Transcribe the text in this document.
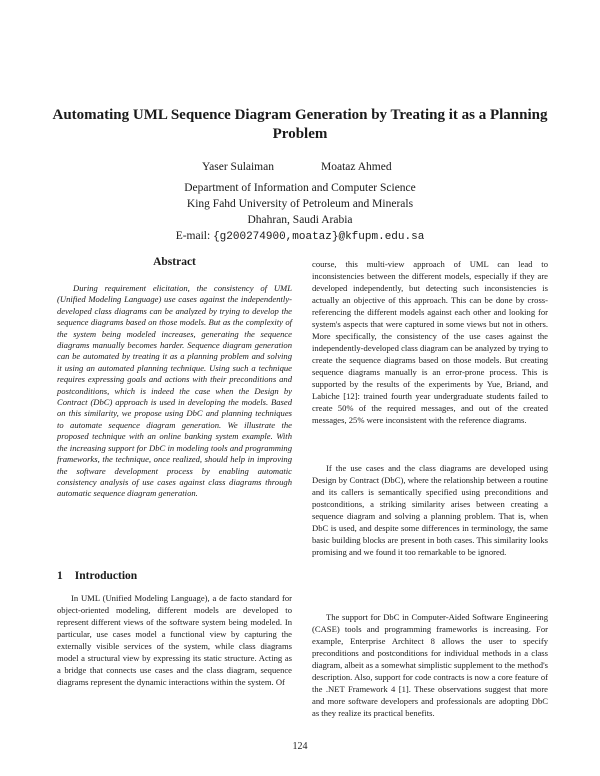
Automating UML Sequence Diagram Generation by Treating it as a Planning Problem
Yaser Sulaiman	Moataz Ahmed
Department of Information and Computer Science
King Fahd University of Petroleum and Minerals
Dhahran, Saudi Arabia
E-mail: {g200274900,moataz}@kfupm.edu.sa
Abstract
During requirement elicitation, the consistency of UML (Unified Modeling Language) use cases against the independently-developed class diagrams can be analyzed by trying to develop the sequence diagrams based on those models. But as the complexity of the system being modeled increases, generating the sequence diagrams manually becomes harder. Sequence diagram generation can be automated by treating it as a planning problem and solving it using an automated planning technique. Using such a technique requires expressing goals and actions with their preconditions and postconditions, which is indeed the case when the Design by Contract (DbC) approach is used in developing the models. Based on this similarity, we propose using DbC and planning techniques to automate sequence diagram generation. We illustrate the proposed technique with an online banking system example. With the increasing support for DbC in modeling tools and programming frameworks, the technique, once realized, should help in improving the software development process by enabling automatic consistency analysis of use cases against class diagrams through automatic sequence diagram generation.
1 Introduction
In UML (Unified Modeling Language), a de facto standard for object-oriented modeling, different models are developed to represent different views of the software system being modeled. In particular, use cases model a functional view by capturing the externally visible services of the system, while class diagrams model a structural view by expressing its static structure. Acting as a bridge that connects use cases and the class diagram, sequence diagrams represent the dynamic interactions within the system. Of

course, this multi-view approach of UML can lead to inconsistencies between the different models, especially if they are developed independently, but detecting such inconsistencies is actually an objective of this approach. This can be done by cross-referencing the different models against each other and looking for system's aspects that were captured in some views but not in others. More specifically, the consistency of the use cases against the independently-developed class diagram can be analyzed by trying to create the sequence diagrams based on those models. But creating sequence diagrams manually is an error-prone process. This is supported by the results of the experiments by Yue, Briand, and Labiche [12]: trained fourth year undergraduate students failed to create 50% of the required messages, and out of the created messages, 25% were inconsistent with the reference diagrams.

If the use cases and the class diagrams are developed using Design by Contract (DbC), where the relationship between a routine and its callers is semantically specified using preconditions and postconditions, a striking similarity arises between creating a sequence diagram and solving a planning problem. That is, when DbC is used, and despite some differences in terminology, the same basic building blocks are present in both cases. This similarity looks promising and we found it too remarkable to be ignored.

The support for DbC in Computer-Aided Software Engineering (CASE) tools and programming frameworks is increasing. For example, Enterprise Architect 8 allows the user to specify preconditions and postconditions for individual methods in a class diagram, albeit as a somewhat simplistic supplement to the method's description. Also, support for code contracts is now a core feature of the .NET Framework 4 [1]. These observations suggest that more and more software developers and professionals are adopting DbC as they realize its practical benefits.

124
